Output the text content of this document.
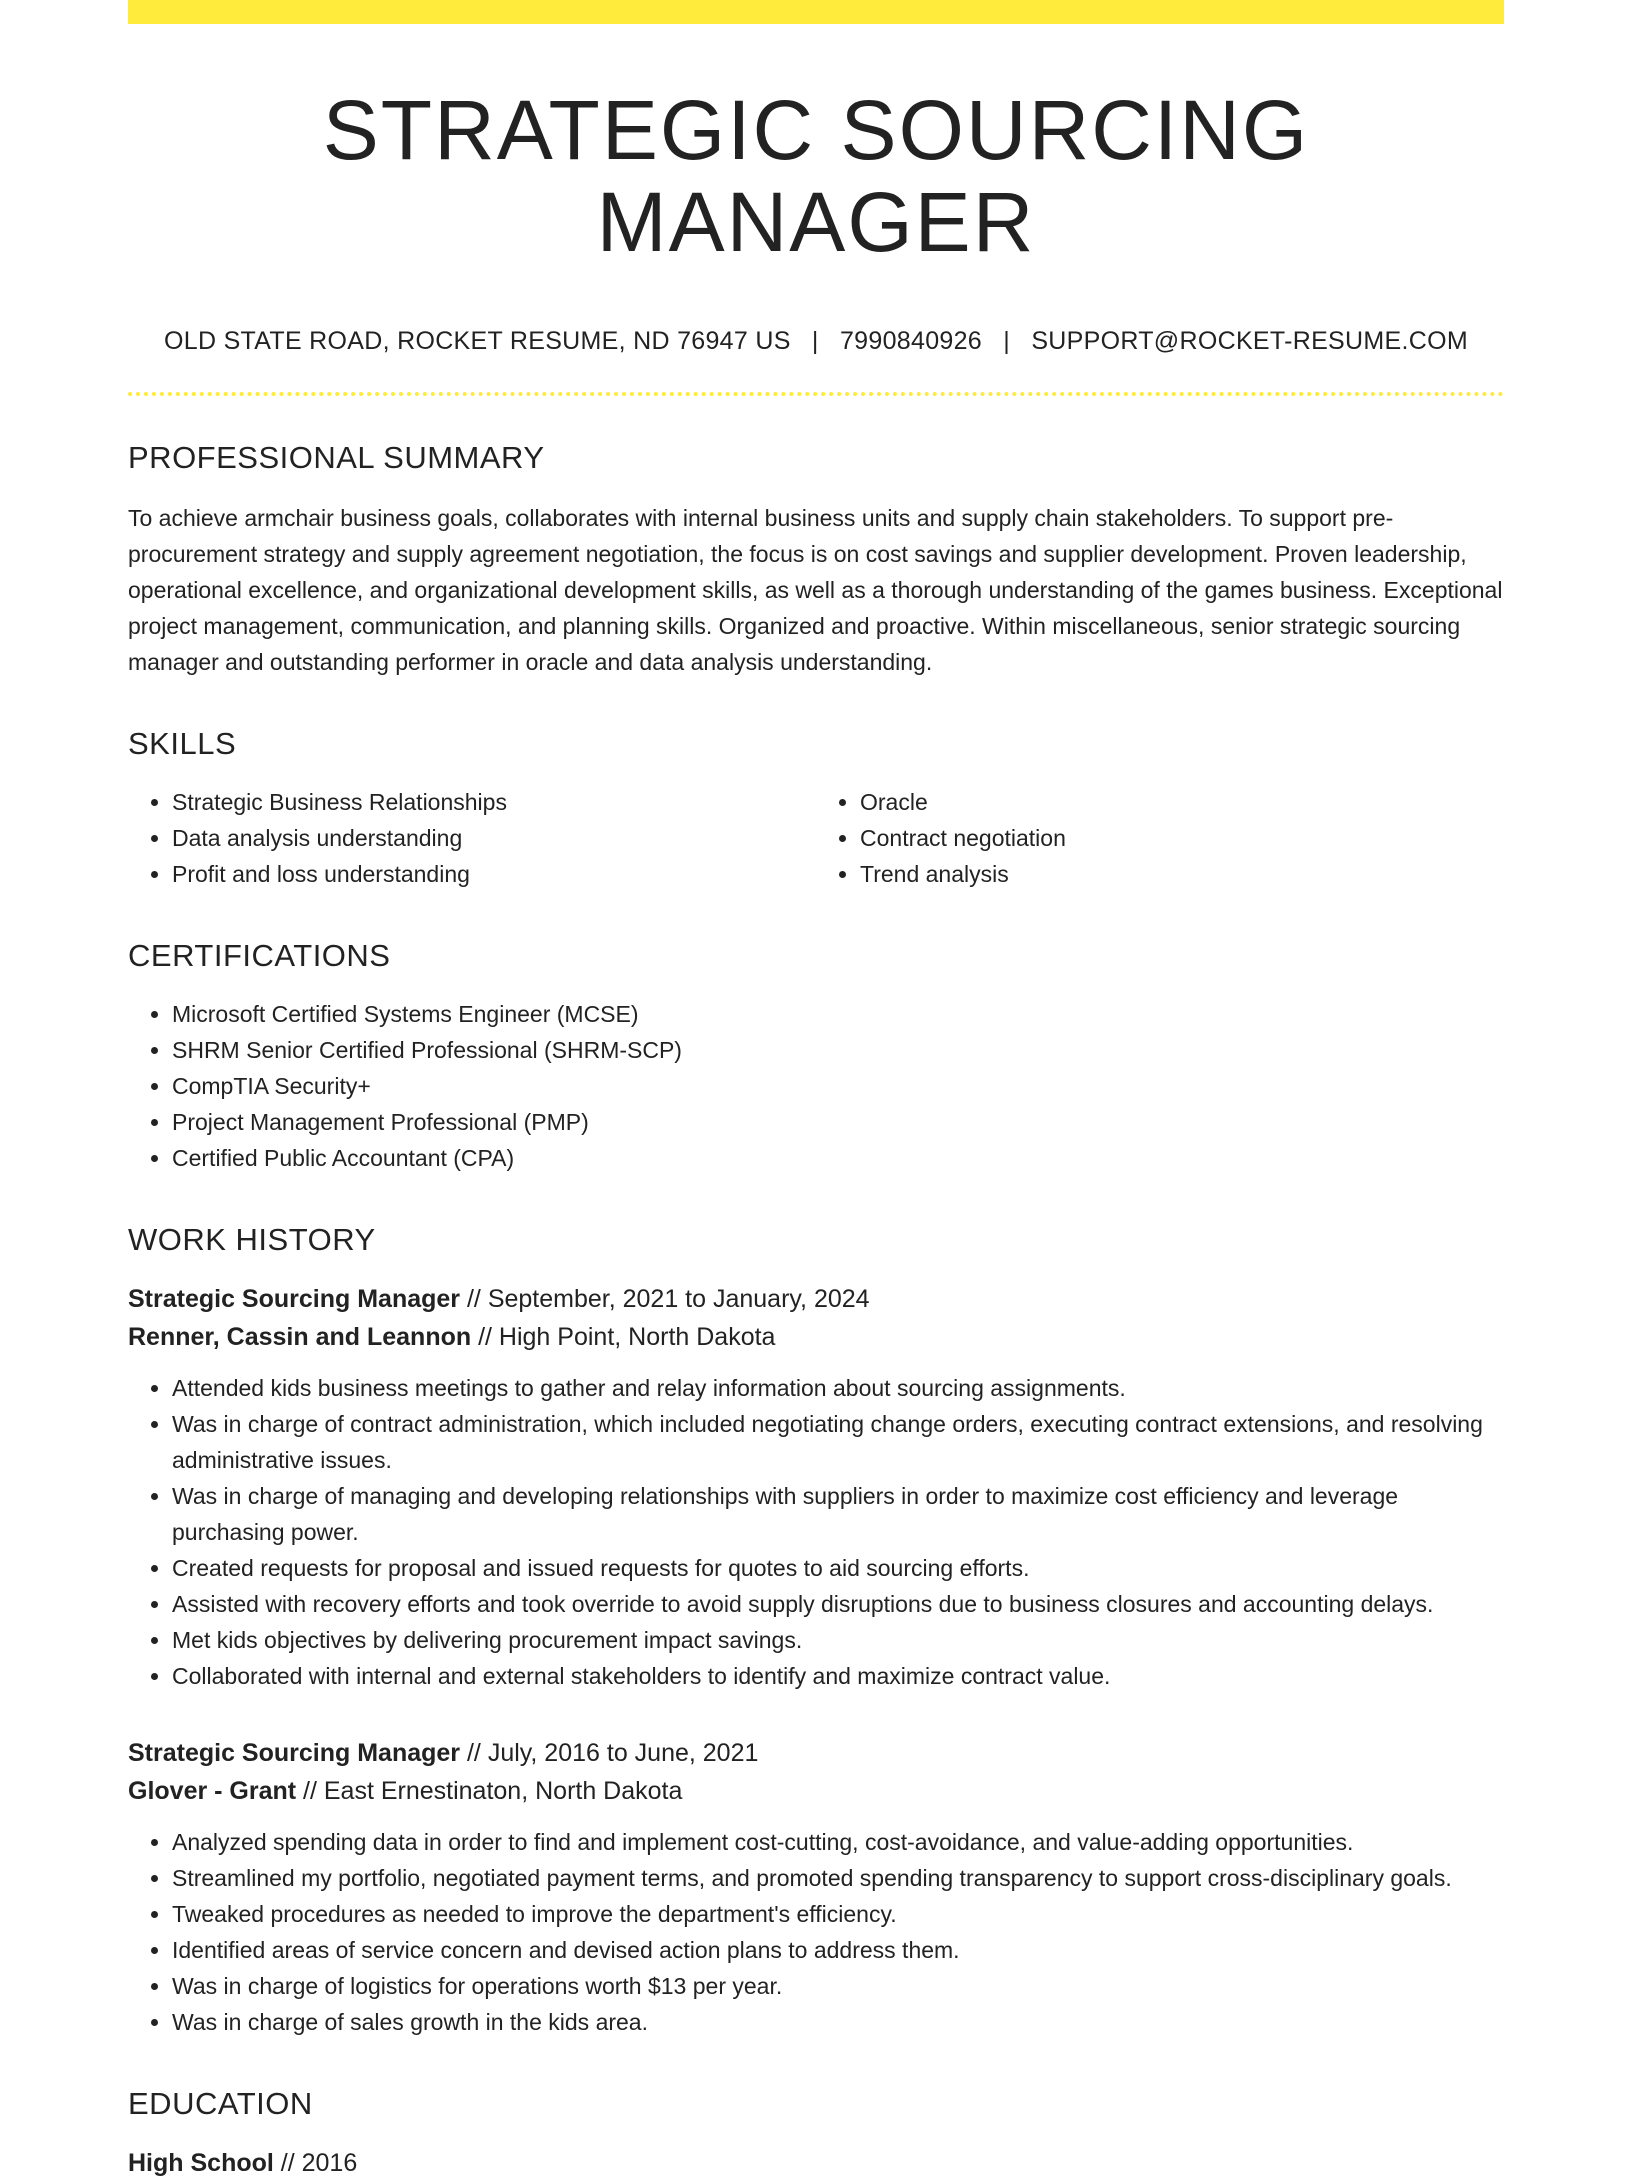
STRATEGIC SOURCING MANAGER
OLD STATE ROAD, ROCKET RESUME, ND 76947 US | 7990840926 | SUPPORT@ROCKET-RESUME.COM
PROFESSIONAL SUMMARY
To achieve armchair business goals, collaborates with internal business units and supply chain stakeholders. To support pre-procurement strategy and supply agreement negotiation, the focus is on cost savings and supplier development. Proven leadership, operational excellence, and organizational development skills, as well as a thorough understanding of the games business. Exceptional project management, communication, and planning skills. Organized and proactive. Within miscellaneous, senior strategic sourcing manager and outstanding performer in oracle and data analysis understanding.
SKILLS
• Strategic Business Relationships
• Data analysis understanding
• Profit and loss understanding
• Oracle
• Contract negotiation
• Trend analysis
CERTIFICATIONS
• Microsoft Certified Systems Engineer (MCSE)
• SHRM Senior Certified Professional (SHRM-SCP)
• CompTIA Security+
• Project Management Professional (PMP)
• Certified Public Accountant (CPA)
WORK HISTORY
Strategic Sourcing Manager // September, 2021 to January, 2024
Renner, Cassin and Leannon // High Point, North Dakota
• Attended kids business meetings to gather and relay information about sourcing assignments.
• Was in charge of contract administration, which included negotiating change orders, executing contract extensions, and resolving administrative issues.
• Was in charge of managing and developing relationships with suppliers in order to maximize cost efficiency and leverage purchasing power.
• Created requests for proposal and issued requests for quotes to aid sourcing efforts.
• Assisted with recovery efforts and took override to avoid supply disruptions due to business closures and accounting delays.
• Met kids objectives by delivering procurement impact savings.
• Collaborated with internal and external stakeholders to identify and maximize contract value.
Strategic Sourcing Manager // July, 2016 to June, 2021
Glover - Grant // East Ernestinaton, North Dakota
• Analyzed spending data in order to find and implement cost-cutting, cost-avoidance, and value-adding opportunities.
• Streamlined my portfolio, negotiated payment terms, and promoted spending transparency to support cross-disciplinary goals.
• Tweaked procedures as needed to improve the department's efficiency.
• Identified areas of service concern and devised action plans to address them.
• Was in charge of logistics for operations worth $13 per year.
• Was in charge of sales growth in the kids area.
EDUCATION
High School // 2016
